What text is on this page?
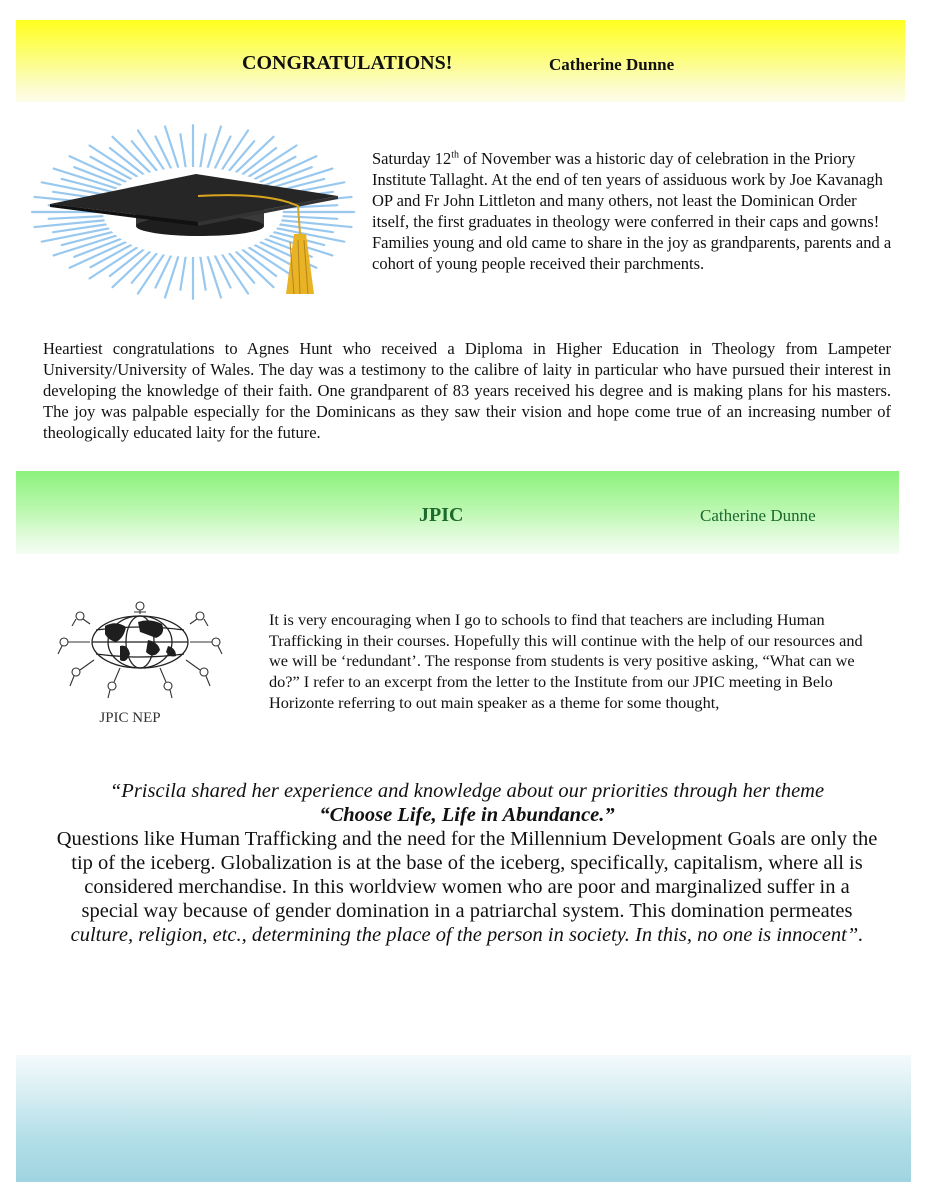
CONGRATULATIONS!	Catherine Dunne

Saturday 12th of November was a historic day of celebration in the Priory Institute Tallaght. At the end of ten years of assiduous work by Joe Kavanagh OP and Fr John Littleton and many others, not least the Dominican Order itself, the first graduates in theology were conferred in their caps and gowns! Families young and old came to share in the joy as grandparents, parents and a cohort of young people received their parchments.

Heartiest congratulations to Agnes Hunt who received a Diploma in Higher Education in Theology from Lampeter University/University of Wales. The day was a testimony to the calibre of laity in particular who have pursued their interest in developing the knowledge of their faith. One grandparent of 83 years received his degree and is making plans for his masters. The joy was palpable especially for the Dominicans as they saw their vision and hope come true of an increasing number of theologically educated laity for the future.

JPIC	Catherine Dunne
JPIC NEP

It is very encouraging when I go to schools to find that teachers are including Human Trafficking in their courses. Hopefully this will continue with the help of our resources and we will be ‘redundant’. The response from students is very positive asking, “What can we do?” I refer to an excerpt from the letter to the Institute from our JPIC meeting in Belo Horizonte referring to out main speaker as a theme for some thought,

“Priscila shared her experience and knowledge about our priorities through her theme
“Choose Life, Life in Abundance.”
Questions like Human Trafficking and the need for the Millennium Development Goals are only the
tip of the iceberg. Globalization is at the base of the iceberg, specifically, capitalism, where all is
considered merchandise. In this worldview women who are poor and marginalized suffer in a
special way because of gender domination in a patriarchal system. This domination permeates
culture, religion, etc., determining the place of the person in society. In this, no one is innocent”.
